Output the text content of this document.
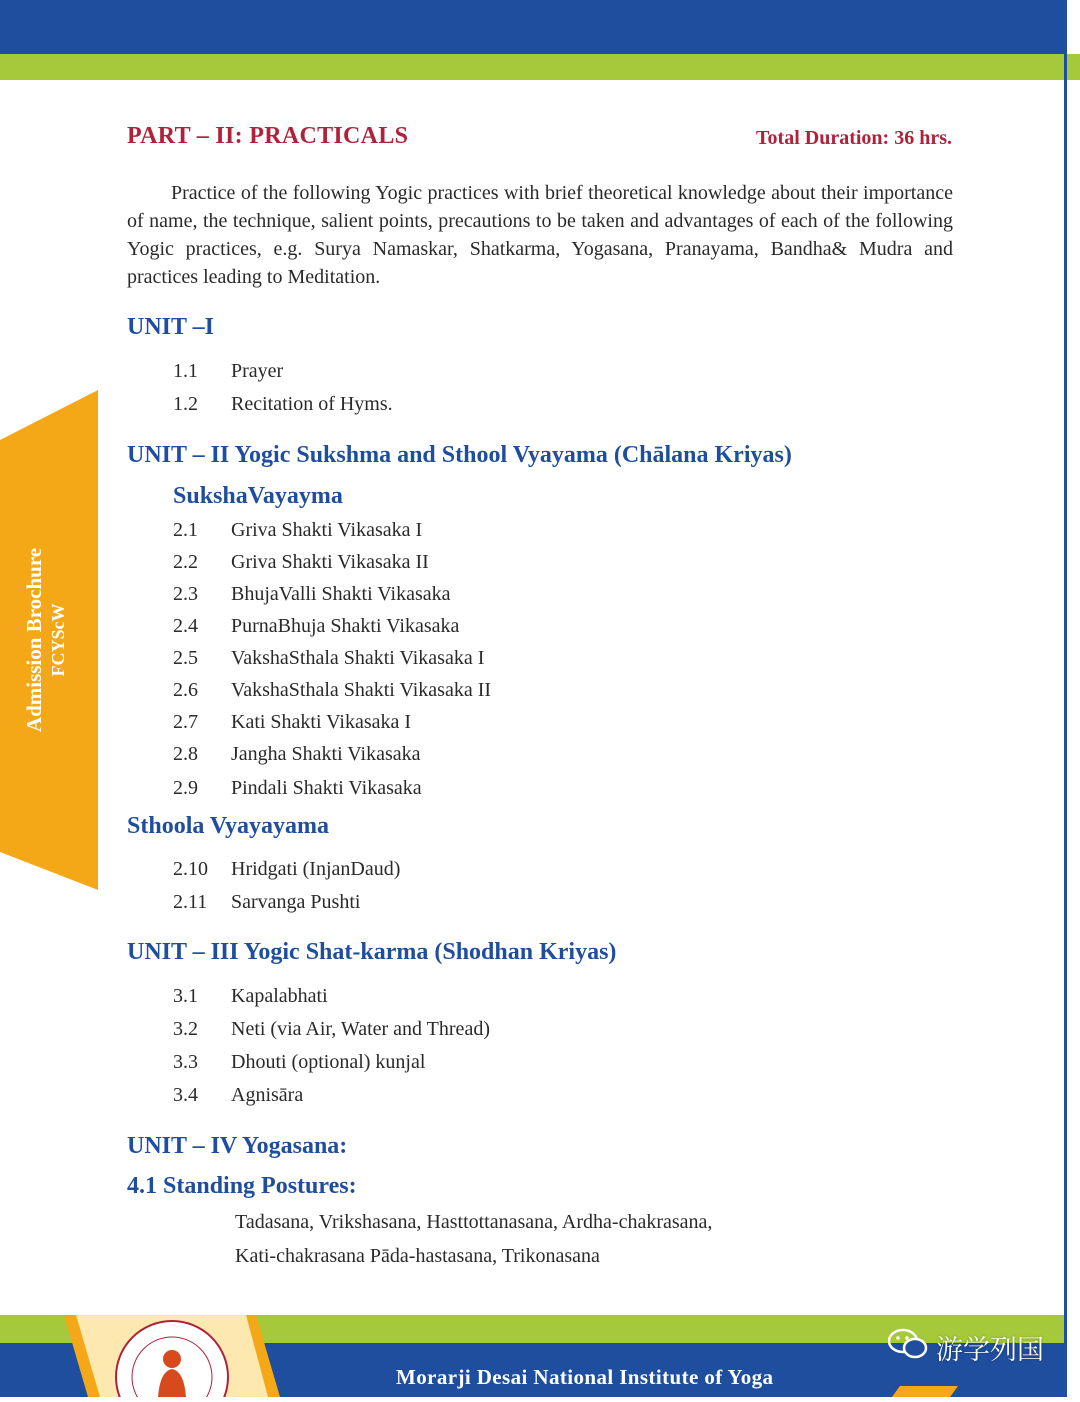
Admission Brochure FCYScW
PART – II: PRACTICALS	Total Duration: 36 hrs.
Practice of the following Yogic practices with brief theoretical knowledge about their importance of name, the technique, salient points, precautions to be taken and advantages of each of the following Yogic practices, e.g. Surya Namaskar, Shatkarma, Yogasana, Pranayama, Bandha& Mudra and practices leading to Meditation.
UNIT –I
1.1 Prayer
1.2 Recitation of Hyms.
UNIT – II Yogic Sukshma and Sthool Vyayama (Chālana Kriyas)
SukshaVayayma
2.1 Griva Shakti Vikasaka I
2.2 Griva Shakti Vikasaka II
2.3 BhujaValli Shakti Vikasaka
2.4 PurnaBhuja Shakti Vikasaka
2.5 VakshaSthala Shakti Vikasaka I
2.6 VakshaSthala Shakti Vikasaka II
2.7 Kati Shakti Vikasaka I
2.8 Jangha Shakti Vikasaka
2.9 Pindali Shakti Vikasaka
Sthoola Vyayayama
2.10 Hridgati (InjanDaud)
2.11 Sarvanga Pushti
UNIT – III Yogic Shat-karma (Shodhan Kriyas)
3.1 Kapalabhati
3.2 Neti (via Air, Water and Thread)
3.3 Dhouti (optional) kunjal
3.4 Agnisāra
UNIT – IV Yogasana:
4.1 Standing Postures:
Tadasana, Vrikshasana, Hasttottanasana, Ardha-chakrasana,
Kati-chakrasana Pāda-hastasana, Trikonasana
Morarji Desai National Institute of Yoga
游学列国
